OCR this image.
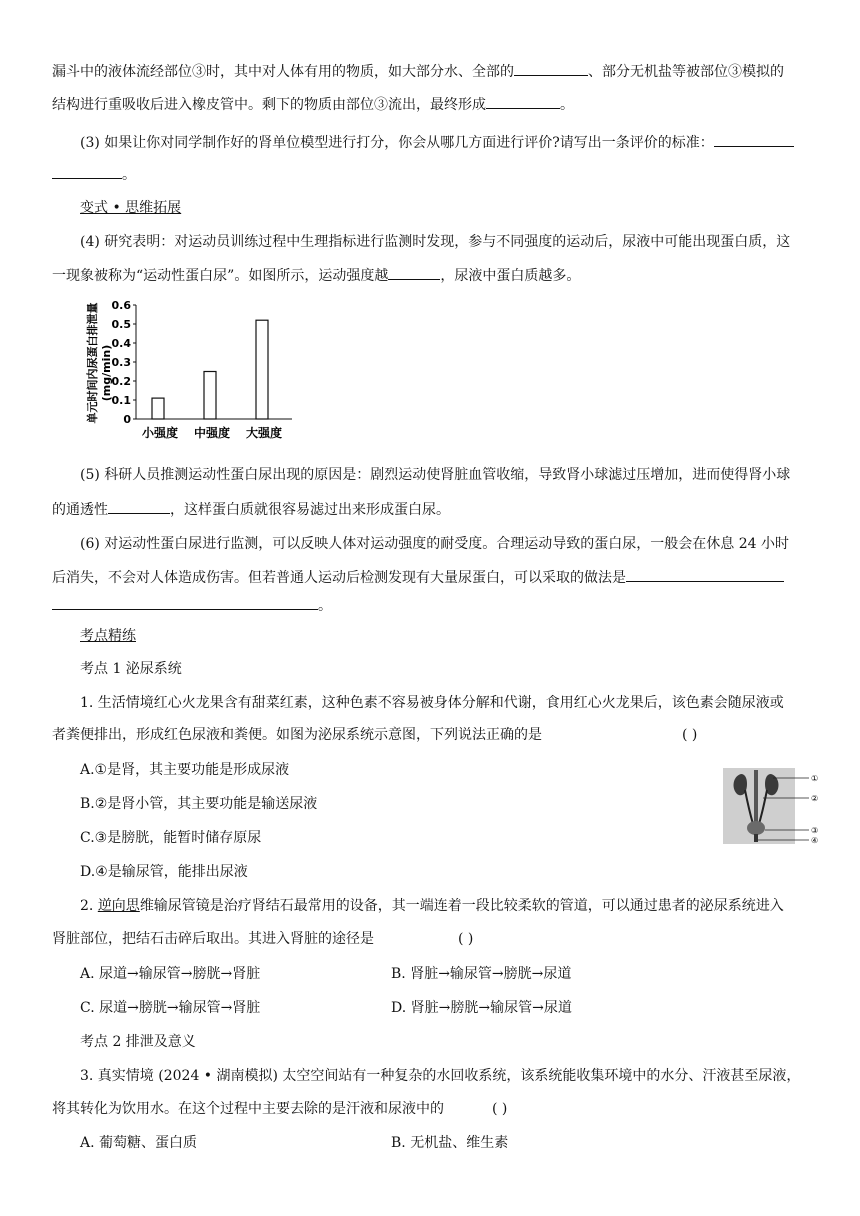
漏斗中的液体流经部位③时，其中对人体有用的物质，如大部分水、全部的	、部分无机盐等被部位③模拟的
结构进行重吸收后进入橡皮管中。剩下的物质由部位③流出，最终形成	。
(3) 如果让你对同学制作好的肾单位模型进行打分，你会从哪几方面进行评价?请写出一条评价的标准：
。
变式 • 思维拓展
(4) 研究表明：对运动员训练过程中生理指标进行监测时发现，参与不同强度的运动后，尿液中可能出现蛋白质，这
一现象被称为“运动性蛋白尿”。如图所示，运动强度越	，尿液中蛋白质越多。
单元时间内尿蛋白排泄量 (mg/min)
0
0.1
0.2
0.3
0.4
0.5
0.6
小强度 中强度 大强度
(5) 科研人员推测运动性蛋白尿出现的原因是：剧烈运动使肾脏血管收缩，导致肾小球滤过压增加，进而使得肾小球
的通透性	，这样蛋白质就很容易滤过出来形成蛋白尿。
(6) 对运动性蛋白尿进行监测，可以反映人体对运动强度的耐受度。合理运动导致的蛋白尿，一般会在休息 24 小时
后消失，不会对人体造成伤害。但若普通人运动后检测发现有大量尿蛋白，可以采取的做法是
。
考点精练
考点 1 泌尿系统
1. 生活情境红心火龙果含有甜菜红素，这种色素不容易被身体分解和代谢，食用红心火龙果后，该色素会随尿液或
者粪便排出，形成红色尿液和粪便。如图为泌尿系统示意图，下列说法正确的是	( )
A.①是肾，其主要功能是形成尿液
B.②是肾小管，其主要功能是输送尿液
C.③是膀胱，能暂时储存原尿
D.④是输尿管，能排出尿液
①
②
③
④
2. 逆向思维输尿管镜是治疗肾结石最常用的设备，其一端连着一段比较柔软的管道，可以通过患者的泌尿系统进入
肾脏部位，把结石击碎后取出。其进入肾脏的途径是	( )
A. 尿道→输尿管→膀胱→肾脏	B. 肾脏→输尿管→膀胱→尿道
C. 尿道→膀胱→输尿管→肾脏	D. 肾脏→膀胱→输尿管→尿道
考点 2 排泄及意义
3. 真实情境 (2024 • 湖南模拟) 太空空间站有一种复杂的水回收系统，该系统能收集环境中的水分、汗液甚至尿液，
将其转化为饮用水。在这个过程中主要去除的是汗液和尿液中的	( )
A. 葡萄糖、蛋白质	B. 无机盐、维生素
